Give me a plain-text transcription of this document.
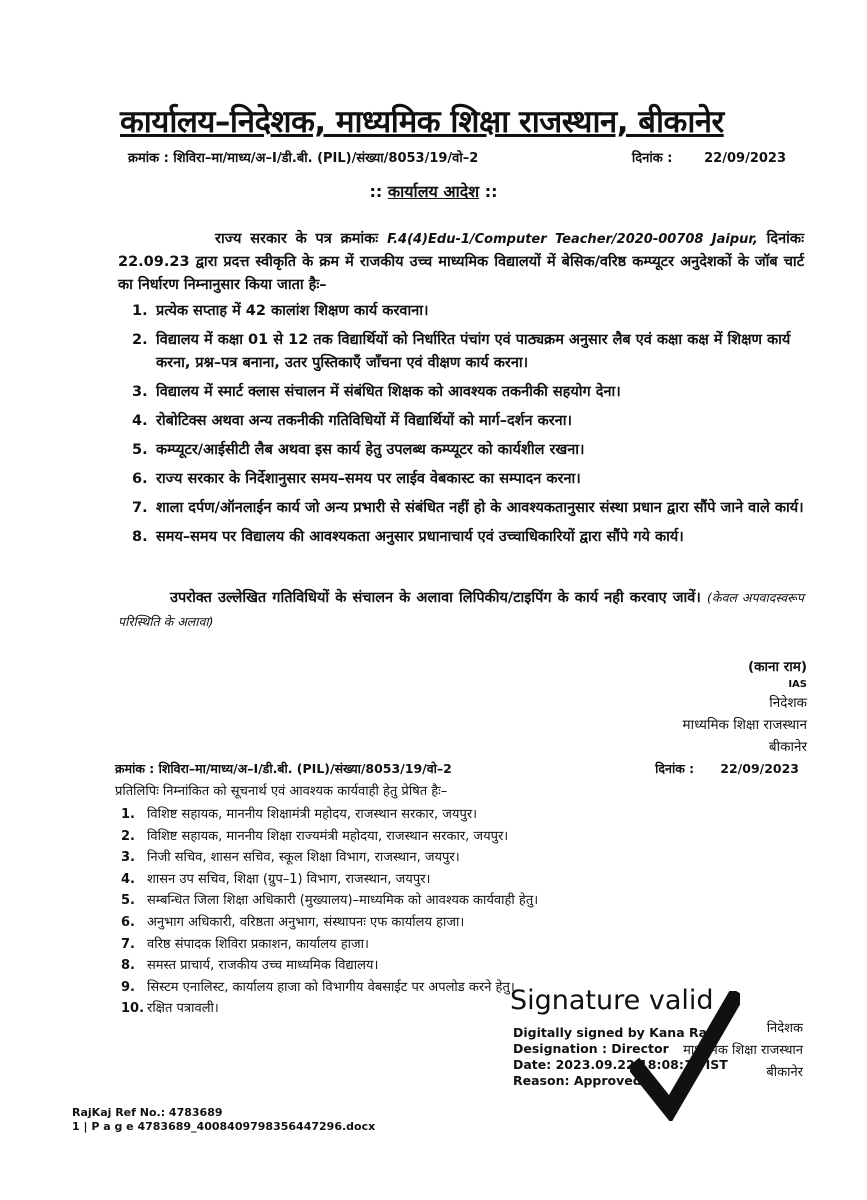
कार्यालय–निदेशक, माध्यमिक शिक्षा राजस्थान, बीकानेर
क्रमांक : शिविरा–मा/माध्य/अ–I/डी.बी. (PIL)/संख्या/8053/19/वो–2	दिनांक : 22/09/2023
:: कार्यालय आदेश ::
राज्य सरकार के पत्र क्रमांकः F.4(4)Edu-1/Computer Teacher/2020-00708 Jaipur, दिनांकः 22.09.23 द्वारा प्रदत्त स्वीकृति के क्रम में राजकीय उच्च माध्यमिक विद्यालयों में बेसिक/वरिष्ठ कम्प्यूटर अनुदेशकों के जॉब चार्ट का निर्धारण निम्नानुसार किया जाता हैः–
1. प्रत्येक सप्ताह में 42 कालांश शिक्षण कार्य करवाना।
2. विद्यालय में कक्षा 01 से 12 तक विद्यार्थियों को निर्धारित पंचांग एवं पाठ्यक्रम अनुसार लैब एवं कक्षा कक्ष में शिक्षण कार्य करना, प्रश्न–पत्र बनाना, उतर पुस्तिकाएँ जाँचना एवं वीक्षण कार्य करना।
3. विद्यालय में स्मार्ट क्लास संचालन में संबंधित शिक्षक को आवश्यक तकनीकी सहयोग देना।
4. रोबोटिक्स अथवा अन्य तकनीकी गतिविधियों में विद्यार्थियों को मार्ग–दर्शन करना।
5. कम्प्यूटर/आईसीटी लैब अथवा इस कार्य हेतु उपलब्ध कम्प्यूटर को कार्यशील रखना।
6. राज्य सरकार के निर्देशानुसार समय–समय पर लाईव वेबकास्ट का सम्पादन करना।
7. शाला दर्पण/ऑनलाईन कार्य जो अन्य प्रभारी से संबंधित नहीं हो के आवश्यकतानुसार संस्था प्रधान द्वारा सौंपे जाने वाले कार्य।
8. समय–समय पर विद्यालय की आवश्यकता अनुसार प्रधानाचार्य एवं उच्चाधिकारियों द्वारा सौंपे गये कार्य।
उपरोक्त उल्लेखित गतिविधियों के संचालन के अलावा लिपिकीय/टाइपिंग के कार्य नही करवाए जावें। (केवल अपवादस्वरूप परिस्थिति के अलावा)
(काना राम)
IAS
निदेशक
माध्यमिक शिक्षा राजस्थान
बीकानेर
क्रमांक : शिविरा–मा/माध्य/अ–I/डी.बी. (PIL)/संख्या/8053/19/वो–2	दिनांक : 22/09/2023
प्रतिलिपिः निम्नांकित को सूचनार्थ एवं आवश्यक कार्यवाही हेतु प्रेषित हैः–
1. विशिष्ट सहायक, माननीय शिक्षामंत्री महोदय, राजस्थान सरकार, जयपुर।
2. विशिष्ट सहायक, माननीय शिक्षा राज्यमंत्री महोदया, राजस्थान सरकार, जयपुर।
3. निजी सचिव, शासन सचिव, स्कूल शिक्षा विभाग, राजस्थान, जयपुर।
4. शासन उप सचिव, शिक्षा (ग्रुप–1) विभाग, राजस्थान, जयपुर।
5. सम्बन्धित जिला शिक्षा अधिकारी (मुख्यालय)–माध्यमिक को आवश्यक कार्यवाही हेतु।
6. अनुभाग अधिकारी, वरिष्ठता अनुभाग, संस्थापनः एफ कार्यालय हाजा।
7. वरिष्ठ संपादक शिविरा प्रकाशन, कार्यालय हाजा।
8. समस्त प्राचार्य, राजकीय उच्च माध्यमिक विद्यालय।
9. सिस्टम एनालिस्ट, कार्यालय हाजा को विभागीय वेबसाईट पर अपलोड करने हेतु।
10. रक्षित पत्रावली।
निदेशक
माध्यमिक शिक्षा राजस्थान
बीकानेर
Signature valid
Digitally signed by Kana Ram
Designation : Director
Date: 2023.09.22 18:08:12 IST
Reason: Approved
RajKaj Ref No.: 4783689
1 | P a g e 4783689_4008409798356447296.docx
